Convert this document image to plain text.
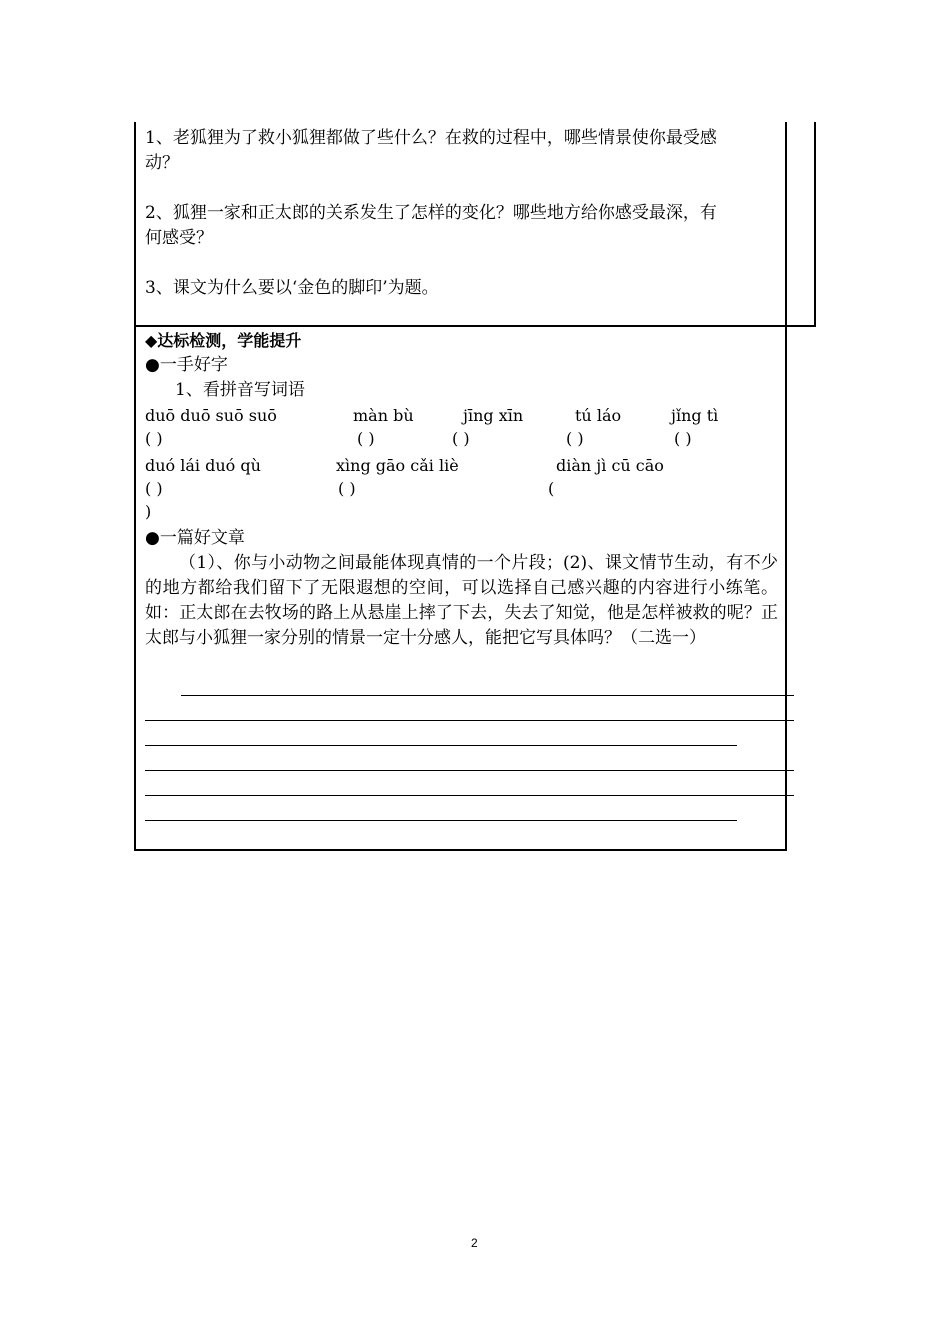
1、老狐狸为了救小狐狸都做了些什么？在救的过程中，哪些情景使你最受感
动？
2、狐狸一家和正太郎的关系发生了怎样的变化？哪些地方给你感受最深，有
何感受？
3、课文为什么要以‘金色的脚印’为题。
◆达标检测，学能提升
●一手好字
1、看拼音写词语
duō duō suō suō	màn bù	jīng xīn	tú láo	jǐng tì
( )	( )	( )	( )	( )
duó lái duó qù	xìng gāo cǎi liè	diàn jì cū cāo
( )	( )	(
)
●一篇好文章
（1）、你与小动物之间最能体现真情的一个片段；(2)、课文情节生动，有不少的地方都给我们留下了无限遐想的空间，可以选择自己感兴趣的内容进行小练笔。如：正太郎在去牧场的路上从悬崖上摔了下去，失去了知觉，他是怎样被救的呢？正太郎与小狐狸一家分别的情景一定十分感人，能把它写具体吗？（二选一）
2
